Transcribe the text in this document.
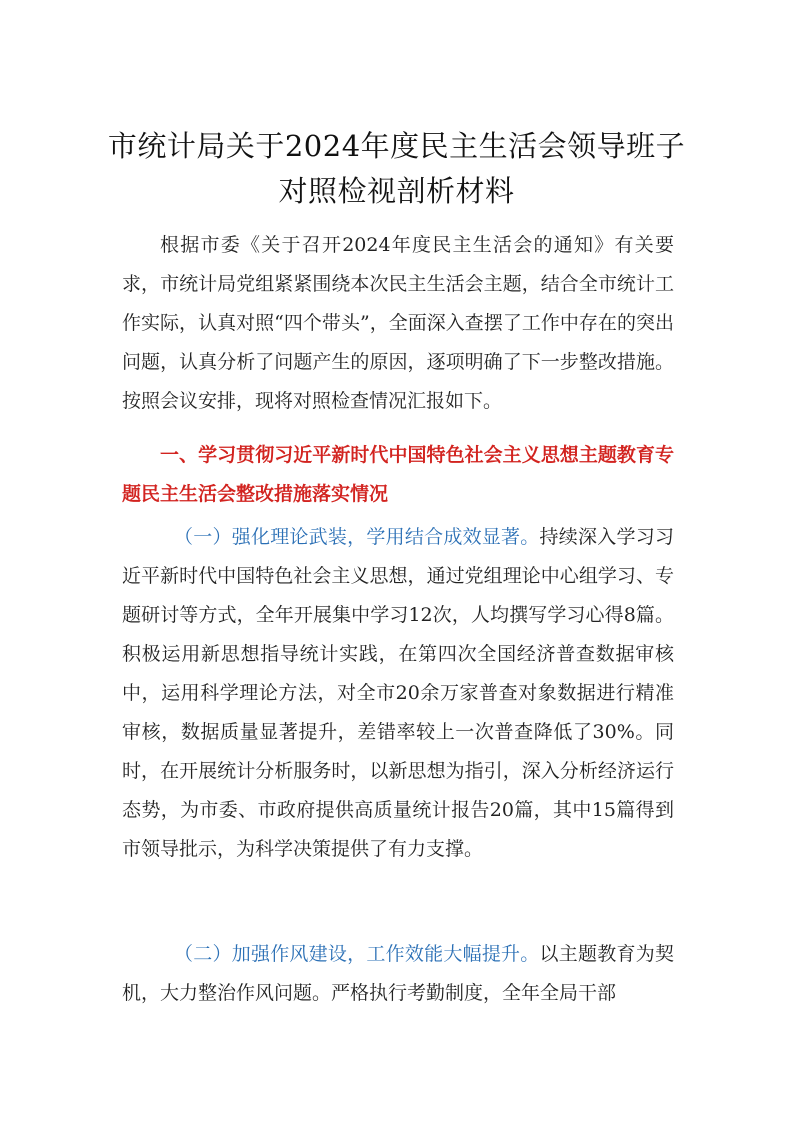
市统计局关于2024年度民主生活会领导班子
对照检视剖析材料
根据市委《关于召开2024年度民主生活会的通知》有关要求，市统计局党组紧紧围绕本次民主生活会主题，结合全市统计工作实际，认真对照“四个带头”，全面深入查摆了工作中存在的突出问题，认真分析了问题产生的原因，逐项明确了下一步整改措施。按照会议安排，现将对照检查情况汇报如下。
一、学习贯彻习近平新时代中国特色社会主义思想主题教育专题民主生活会整改措施落实情况
（一）强化理论武装，学用结合成效显著。持续深入学习习近平新时代中国特色社会主义思想，通过党组理论中心组学习、专题研讨等方式，全年开展集中学习12次，人均撰写学习心得8篇。积极运用新思想指导统计实践，在第四次全国经济普查数据审核中，运用科学理论方法，对全市20余万家普查对象数据进行精准审核，数据质量显著提升，差错率较上一次普查降低了30%。同时，在开展统计分析服务时，以新思想为指引，深入分析经济运行态势，为市委、市政府提供高质量统计报告20篇，其中15篇得到市领导批示，为科学决策提供了有力支撑。
（二）加强作风建设，工作效能大幅提升。以主题教育为契机，大力整治作风问题。严格执行考勤制度，全年全局干部
